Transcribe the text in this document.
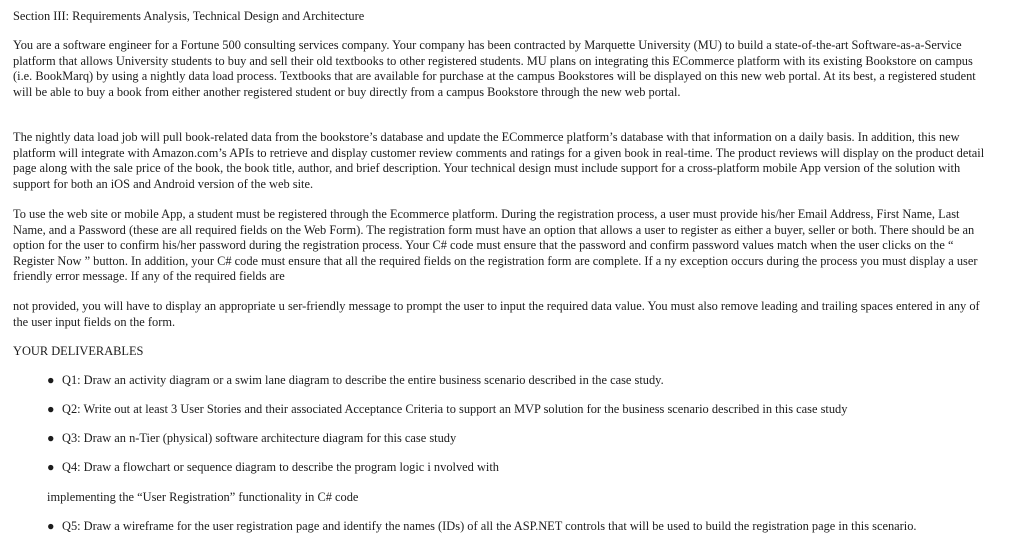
Section III: Requirements Analysis, Technical Design and Architecture

You are a software engineer for a Fortune 500 consulting services company. Your company has been contracted by Marquette University (MU) to build a state-of-the-art Software-as-a-Service platform that allows University students to buy and sell their old textbooks to other registered students. MU plans on integrating this ECommerce platform with its existing Bookstore on campus (i.e. BookMarq) by using a nightly data load process. Textbooks that are available for purchase at the campus Bookstores will be displayed on this new web portal. At its best, a registered student will be able to buy a book from either another registered student or buy directly from a campus Bookstore through the new web portal.

The nightly data load job will pull book-related data from the bookstore’s database and update the ECommerce platform’s database with that information on a daily basis. In addition, this new platform will integrate with Amazon.com’s APIs to retrieve and display customer review comments and ratings for a given book in real-time. The product reviews will display on the product detail page along with the sale price of the book, the book title, author, and brief description. Your technical design must include support for a cross-platform mobile App version of the solution with support for both an iOS and Android version of the web site.

To use the web site or mobile App, a student must be registered through the Ecommerce platform. During the registration process, a user must provide his/her Email Address, First Name, Last Name, and a Password (these are all required fields on the Web Form). The registration form must have an option that allows a user to register as either a buyer, seller or both. There should be an option for the user to confirm his/her password during the registration process. Your C# code must ensure that the password and confirm password values match when the user clicks on the “ Register Now ” button. In addition, your C# code must ensure that all the required fields on the registration form are complete. If a ny exception occurs during the process you must display a user friendly error message. If any of the required fields are

not provided, you will have to display an appropriate u ser-friendly message to prompt the user to input the required data value. You must also remove leading and trailing spaces entered in any of the user input fields on the form.

YOUR DELIVERABLES
● Q1: Draw an activity diagram or a swim lane diagram to describe the entire business scenario described in the case study.
● Q2: Write out at least 3 User Stories and their associated Acceptance Criteria to support an MVP solution for the business scenario described in this case study
● Q3: Draw an n-Tier (physical) software architecture diagram for this case study
● Q4: Draw a flowchart or sequence diagram to describe the program logic i nvolved with
implementing the “User Registration” functionality in C# code
● Q5: Draw a wireframe for the user registration page and identify the names (IDs) of all the ASP.NET controls that will be used to build the registration page in this scenario.
